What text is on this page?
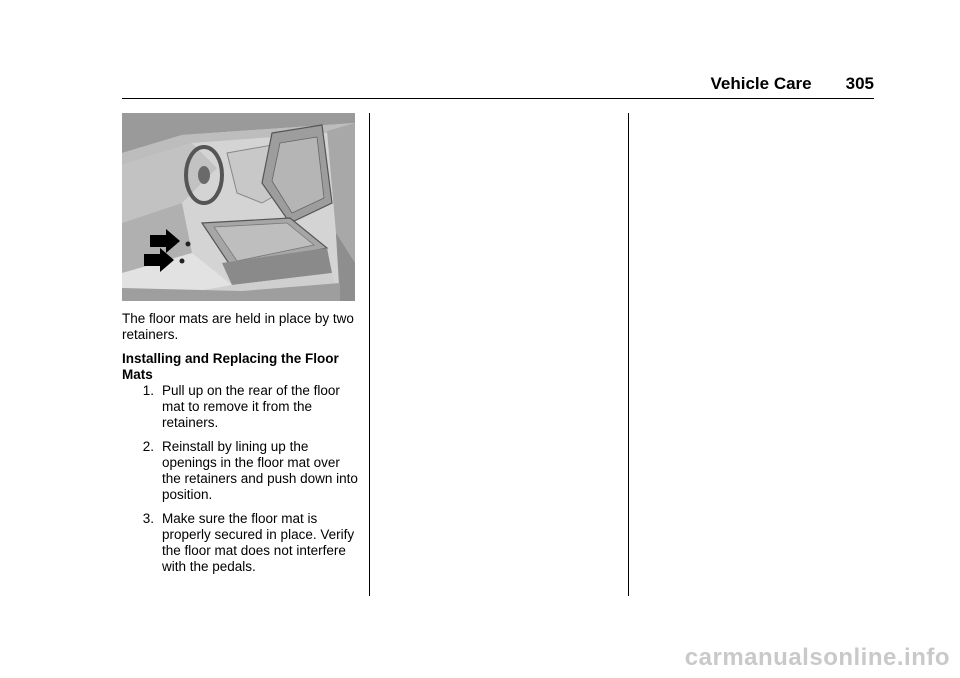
Vehicle Care 305

The floor mats are held in place by two retainers.

Installing and Replacing the Floor Mats

1. Pull up on the rear of the floor mat to remove it from the retainers.
2. Reinstall by lining up the openings in the floor mat over the retainers and push down into position.
3. Make sure the floor mat is properly secured in place. Verify the floor mat does not interfere with the pedals.
carmanualsonline.info
